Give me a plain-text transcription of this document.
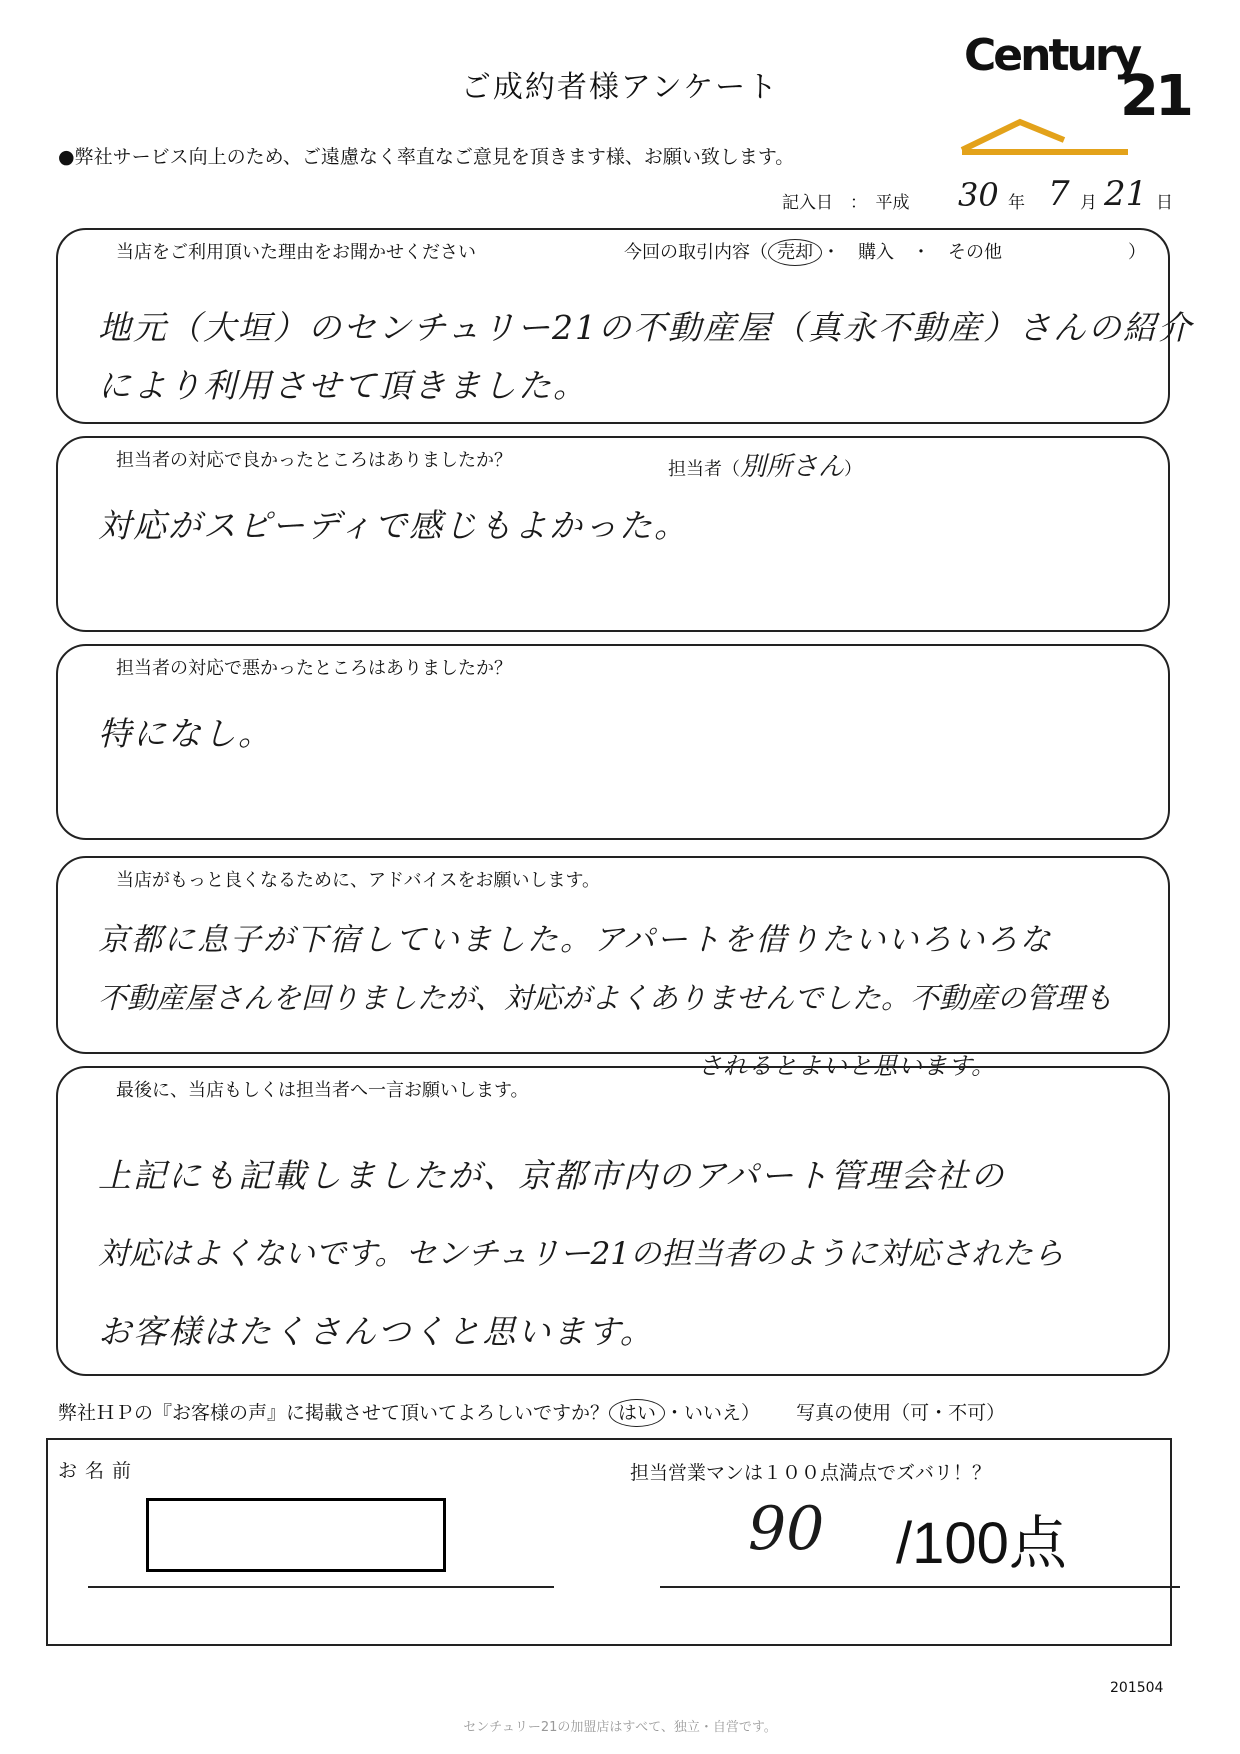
ご成約者様アンケート
Century
21
●弊社サービス向上のため、ご遠慮なく率直なご意見を頂きます様、お願い致します。
記入日　：　平成 30 年 7 月 21 日
当店をご利用頂いた理由をお聞かせください	今回の取引内容（ 売却 ・　購入　・　その他	）
地元（大垣）のセンチュリー21の不動産屋（真永不動産）さんの紹介
により利用させて頂きました。
担当者の対応で良かったところはありましたか？	担当者（別所さん）
対応がスピーディで感じもよかった。
担当者の対応で悪かったところはありましたか？
特になし。
当店がもっと良くなるために、アドバイスをお願いします。
京都に息子が下宿していました。アパートを借りたいいろいろな
不動産屋さんを回りましたが、対応がよくありませんでした。不動産の管理も
されるとよいと思います。
最後に、当店もしくは担当者へ一言お願いします。
上記にも記載しましたが、京都市内のアパート管理会社の
対応はよくないです。センチュリー21の担当者のように対応されたら
お客様はたくさんつくと思います。
弊社ＨＰの『お客様の声』に掲載させて頂いてよろしいですか？ はい ・いいえ） 写真の使用（可・不可）
お名前	担当営業マンは１００点満点でズバリ！？
90 /100点
201504
センチュリー21の加盟店はすべて、独立・自営です。
